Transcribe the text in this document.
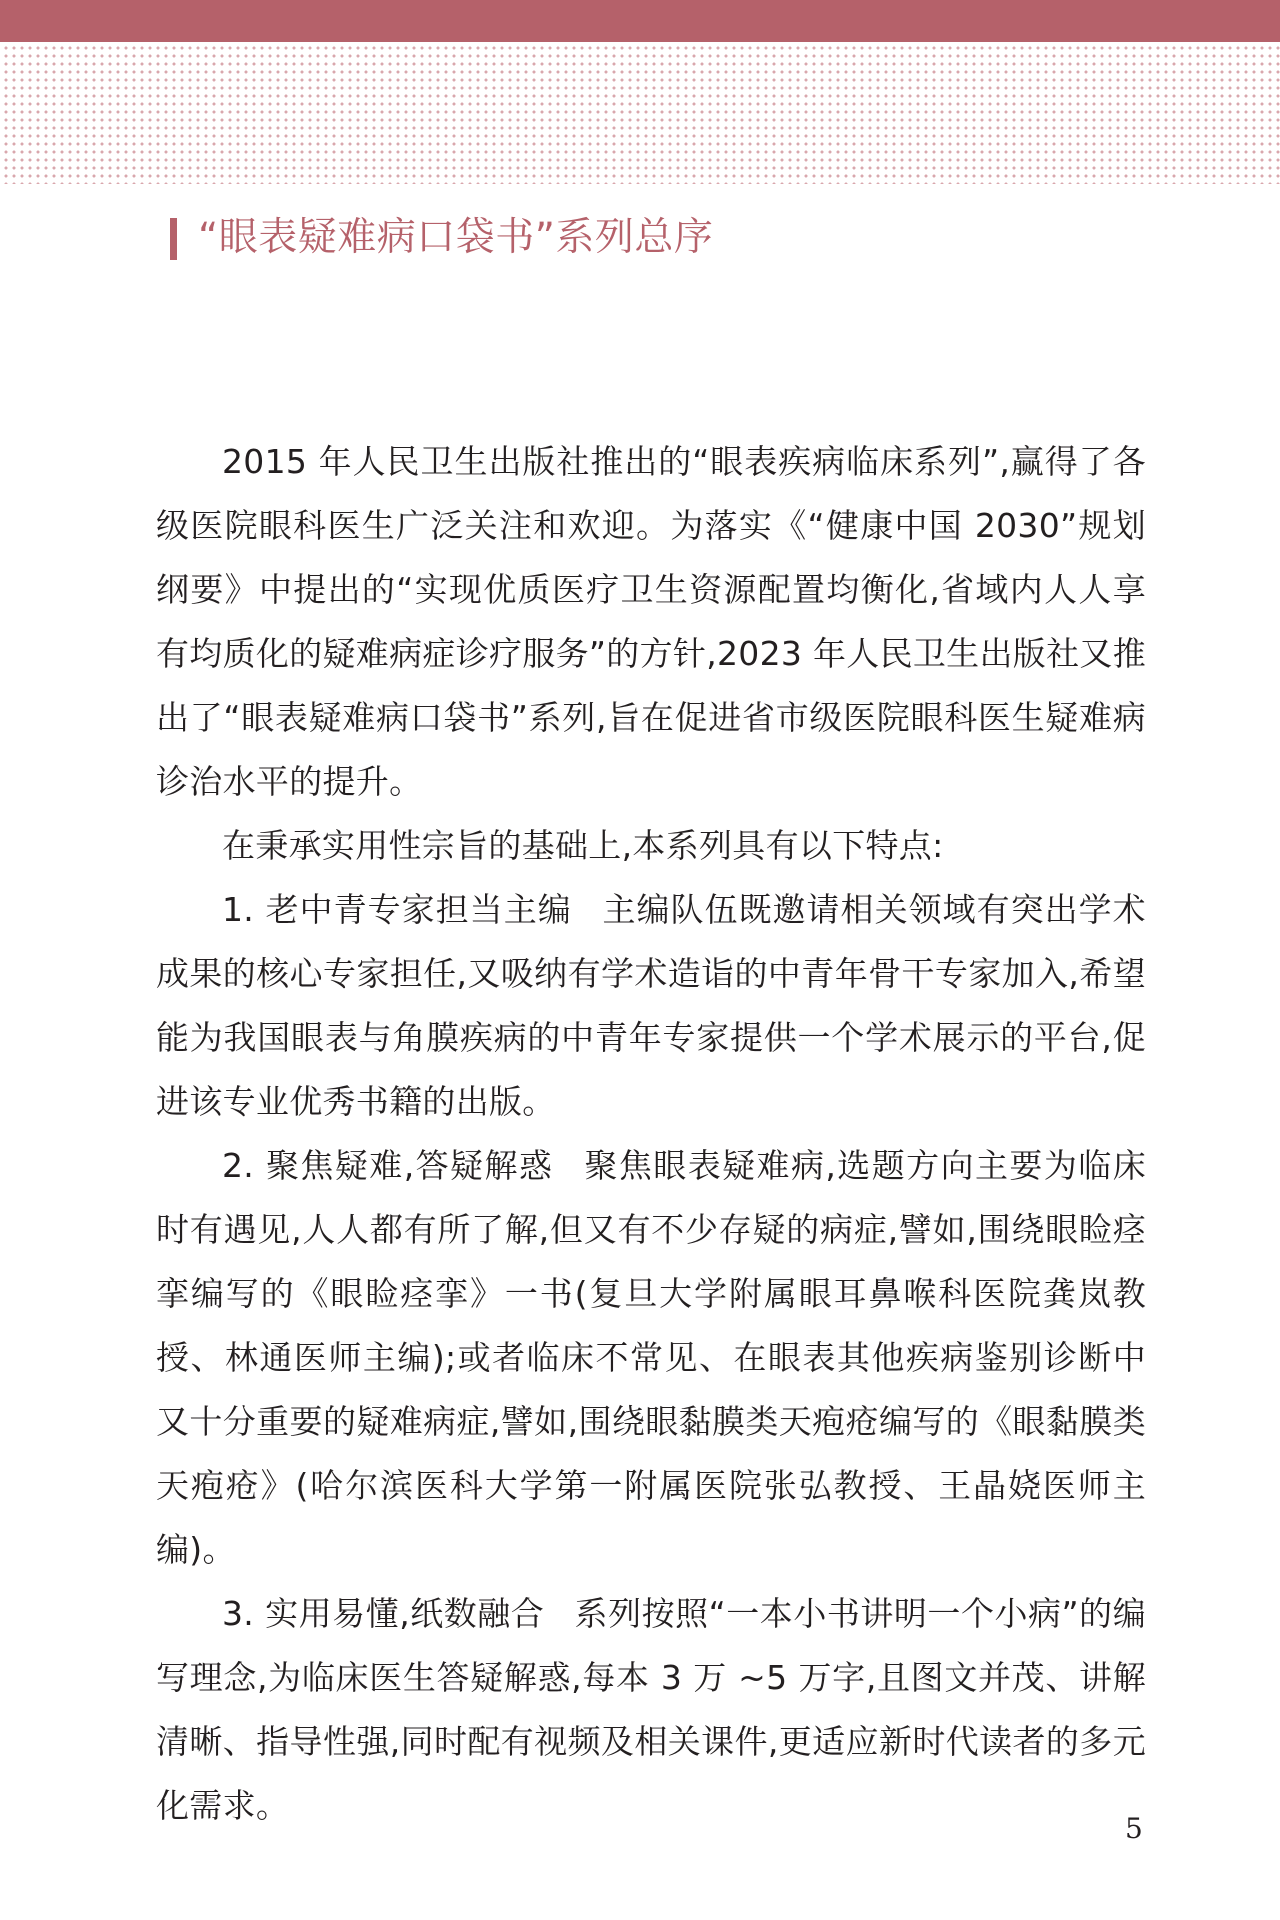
“眼表疑难病口袋书”系列总序

2015 年人民卫生出版社推出的“眼表疾病临床系列”,赢得了各级医院眼科医生广泛关注和欢迎。为落实《“健康中国 2030”规划纲要》中提出的“实现优质医疗卫生资源配置均衡化,省域内人人享有均质化的疑难病症诊疗服务”的方针,2023 年人民卫生出版社又推出了“眼表疑难病口袋书”系列,旨在促进省市级医院眼科医生疑难病诊治水平的提升。

在秉承实用性宗旨的基础上,本系列具有以下特点:

1. 老中青专家担当主编 主编队伍既邀请相关领域有突出学术成果的核心专家担任,又吸纳有学术造诣的中青年骨干专家加入,希望能为我国眼表与角膜疾病的中青年专家提供一个学术展示的平台,促进该专业优秀书籍的出版。

2. 聚焦疑难,答疑解惑 聚焦眼表疑难病,选题方向主要为临床时有遇见,人人都有所了解,但又有不少存疑的病症,譬如,围绕眼睑痉挛编写的《眼睑痉挛》一书(复旦大学附属眼耳鼻喉科医院龚岚教授、林通医师主编);或者临床不常见、在眼表其他疾病鉴别诊断中又十分重要的疑难病症,譬如,围绕眼黏膜类天疱疮编写的《眼黏膜类天疱疮》(哈尔滨医科大学第一附属医院张弘教授、王晶娆医师主编)。

3. 实用易懂,纸数融合 系列按照“一本小书讲明一个小病”的编写理念,为临床医生答疑解惑,每本 3 万 ~5 万字,且图文并茂、讲解清晰、指导性强,同时配有视频及相关课件,更适应新时代读者的多元化需求。

5
